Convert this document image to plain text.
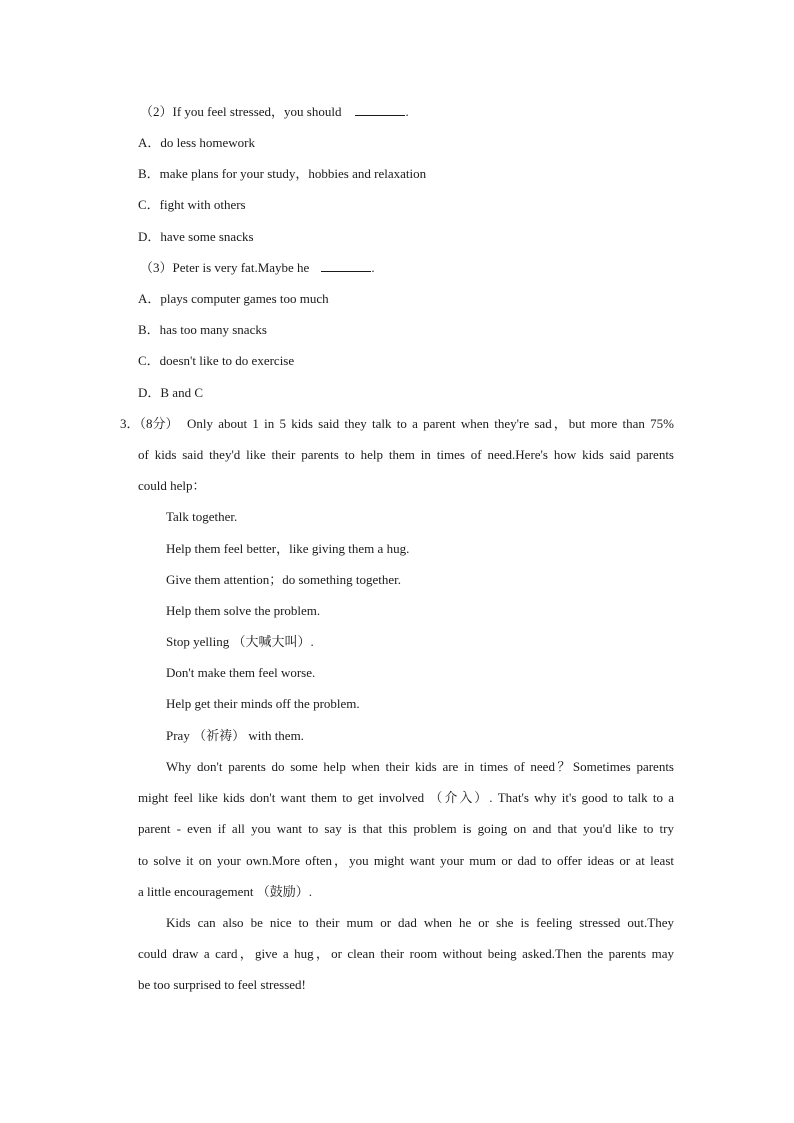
（2）If you feel stressed，you should	.
A．do less homework
B．make plans for your study，hobbies and relaxation
C．fight with others
D．have some snacks
（3）Peter is very fat.Maybe he	.
A．plays computer games too much
B．has too many snacks
C．doesn't like to do exercise
D．B and C
3．（8分） Only about 1 in 5 kids said they talk to a parent when they're sad，but more than 75%
of kids said they'd like their parents to help them in times of need.Here's how kids said parents
could help：
Talk together.
Help them feel better，like giving them a hug.
Give them attention；do something together.
Help them solve the problem.
Stop yelling （大喊大叫）.
Don't make them feel worse.
Help get their minds off the problem.
Pray （祈祷） with them.
Why don't parents do some help when their kids are in times of need？Sometimes parents
might feel like kids don't want them to get involved （介入）. That's why it's good to talk to a
parent - even if all you want to say is that this problem is going on and that you'd like to try
to solve it on your own.More often，you might want your mum or dad to offer ideas or at least
a little encouragement （鼓励）.
Kids can also be nice to their mum or dad when he or she is feeling stressed out.They
could draw a card，give a hug，or clean their room without being asked.Then the parents may
be too surprised to feel stressed!
